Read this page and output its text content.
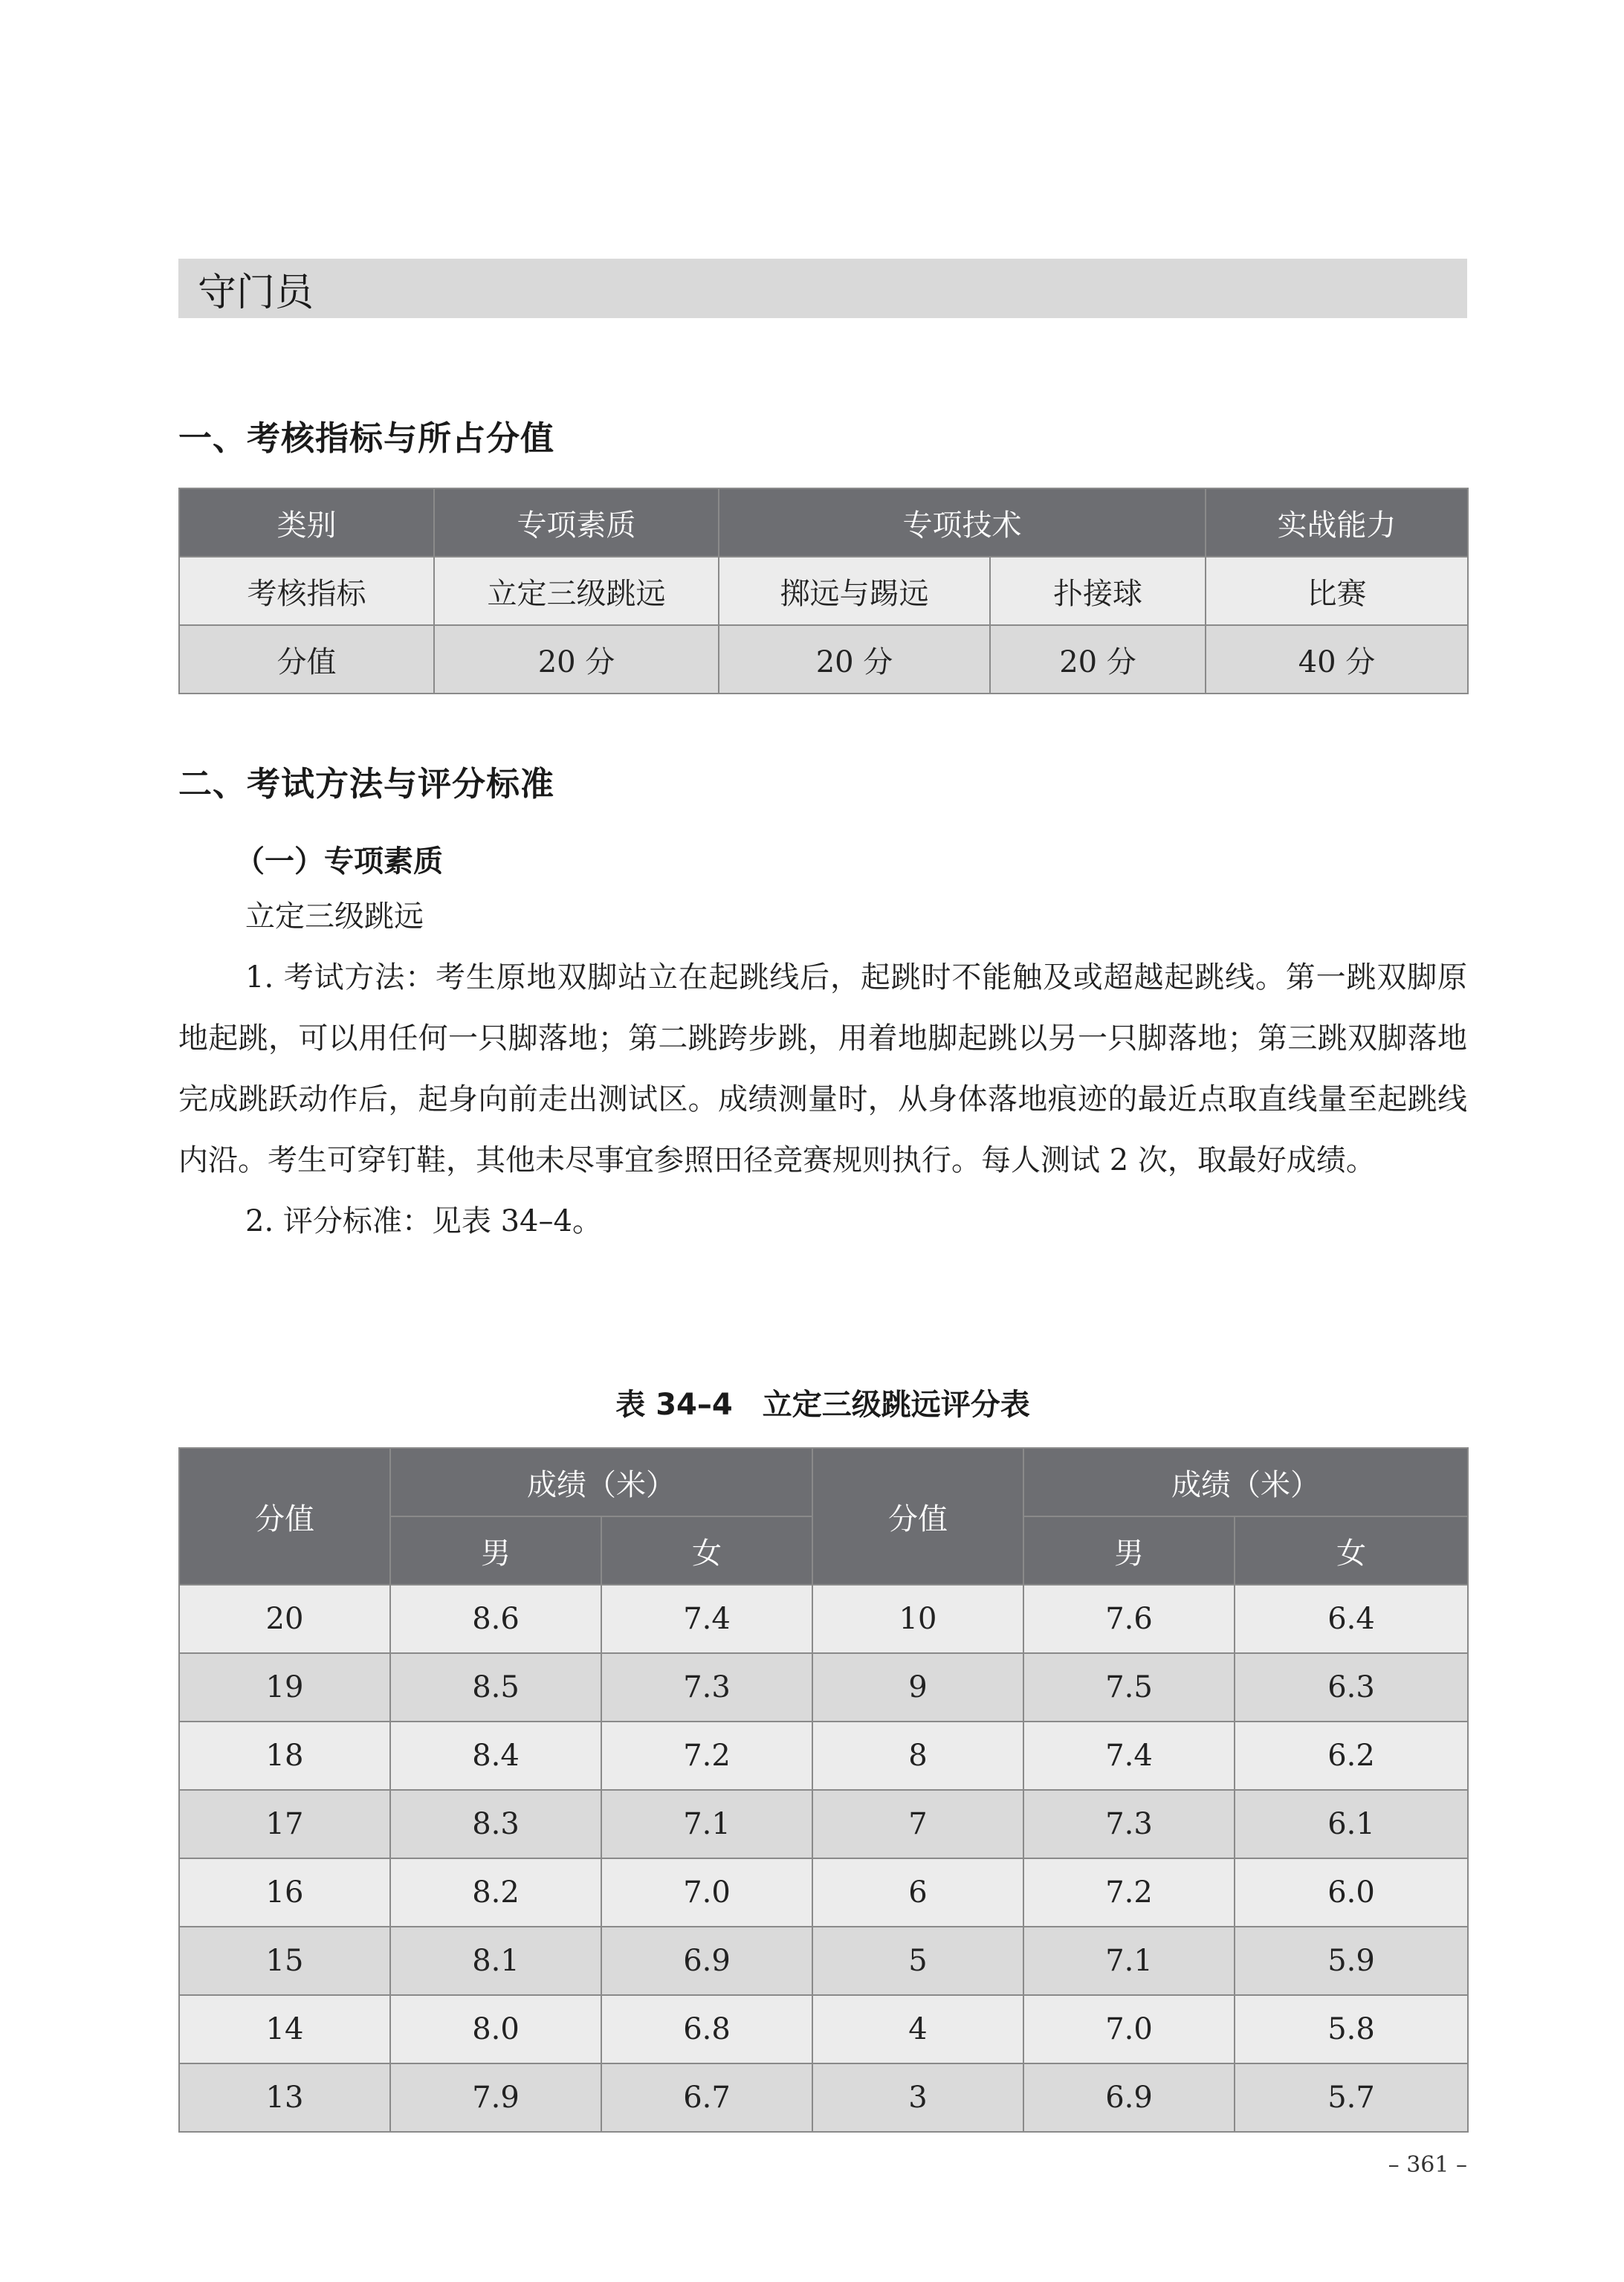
守门员
一、考核指标与所占分值
类别	专项素质	专项技术		实战能力
考核指标	立定三级跳远	掷远与踢远	扑接球	比赛
分值	20 分	20 分	20 分	40 分
二、考试方法与评分标准
（一）专项素质

立定三级跳远

1. 考试方法：考生原地双脚站立在起跳线后，起跳时不能触及或超越起跳线。第一跳双脚原地起跳，可以用任何一只脚落地；第二跳跨步跳，用着地脚起跳以另一只脚落地；第三跳双脚落地完成跳跃动作后，起身向前走出测试区。成绩测量时，从身体落地痕迹的最近点取直线量至起跳线内沿。考生可穿钉鞋，其他未尽事宜参照田径竞赛规则执行。每人测试 2 次，取最好成绩。

2. 评分标准：见表 34–4。

表 34–4　立定三级跳远评分表
分值	成绩（米）		分值	成绩（米）	
	男	女		男	女
20	8.6	7.4	10	7.6	6.4
19	8.5	7.3	9	7.5	6.3
18	8.4	7.2	8	7.4	6.2
17	8.3	7.1	7	7.3	6.1
16	8.2	7.0	6	7.2	6.0
15	8.1	6.9	5	7.1	5.9
14	8.0	6.8	4	7.0	5.8
13	7.9	6.7	3	6.9	5.7
– 361 –
